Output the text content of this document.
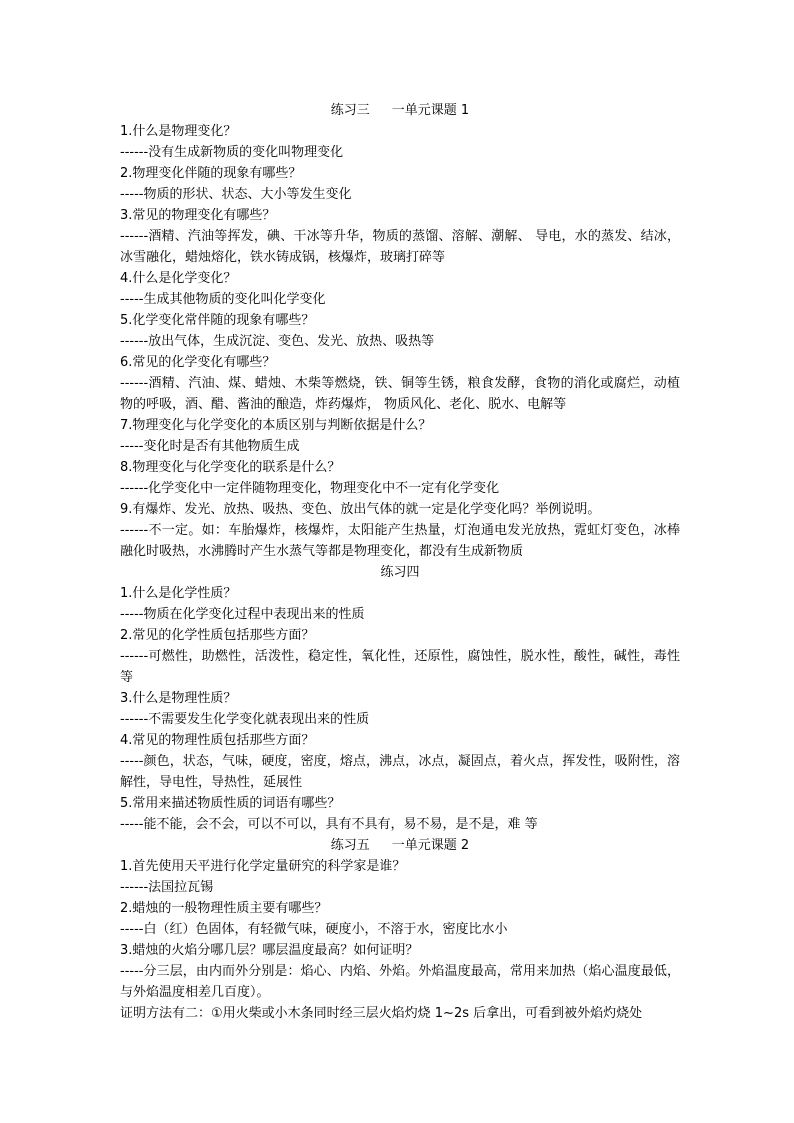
练习三 一单元课题 1

1.什么是物理变化？

------没有生成新物质的变化叫物理变化

2.物理变化伴随的现象有哪些？

-----物质的形状、状态、大小等发生变化

3.常见的物理变化有哪些？

------酒精、汽油等挥发，碘、干冰等升华，物质的蒸馏、溶解、潮解、 导电，水的蒸发、结冰，冰雪融化，蜡烛熔化，铁水铸成锅，核爆炸，玻璃打碎等

4.什么是化学变化？

-----生成其他物质的变化叫化学变化

5.化学变化常伴随的现象有哪些？

------放出气体，生成沉淀、变色、发光、放热、吸热等

6.常见的化学变化有哪些？

------酒精、汽油、煤、蜡烛、木柴等燃烧，铁、铜等生锈，粮食发酵，食物的消化或腐烂，动植物的呼吸，酒、醋、酱油的酿造，炸药爆炸， 物质风化、老化、脱水、电解等

7.物理变化与化学变化的本质区别与判断依据是什么？

-----变化时是否有其他物质生成

8.物理变化与化学变化的联系是什么？

------化学变化中一定伴随物理变化，物理变化中不一定有化学变化

9.有爆炸、发光、放热、吸热、变色、放出气体的就一定是化学变化吗？举例说明。

------不一定。如：车胎爆炸，核爆炸，太阳能产生热量，灯泡通电发光放热，霓虹灯变色，冰棒融化时吸热，水沸腾时产生水蒸气等都是物理变化，都没有生成新物质

练习四

1.什么是化学性质？

-----物质在化学变化过程中表现出来的性质

2.常见的化学性质包括那些方面？

------可燃性，助燃性，活泼性，稳定性，氧化性，还原性，腐蚀性，脱水性，酸性，碱性，毒性等

3.什么是物理性质？

------不需要发生化学变化就表现出来的性质

4.常见的物理性质包括那些方面？

-----颜色，状态，气味，硬度，密度，熔点，沸点，冰点，凝固点，着火点，挥发性，吸附性，溶解性，导电性，导热性，延展性

5.常用来描述物质性质的词语有哪些？

-----能不能，会不会，可以不可以，具有不具有，易不易，是不是，难 等

练习五 一单元课题 2

1.首先使用天平进行化学定量研究的科学家是谁？

------法国拉瓦锡

2.蜡烛的一般物理性质主要有哪些？

-----白（红）色固体，有轻微气味，硬度小，不溶于水，密度比水小

3.蜡烛的火焰分哪几层？哪层温度最高？如何证明？

-----分三层，由内而外分别是：焰心、内焰、外焰。外焰温度最高，常用来加热（焰心温度最低，与外焰温度相差几百度）。

证明方法有二：①用火柴或小木条同时经三层火焰灼烧 1~2s 后拿出，可看到被外焰灼烧处
